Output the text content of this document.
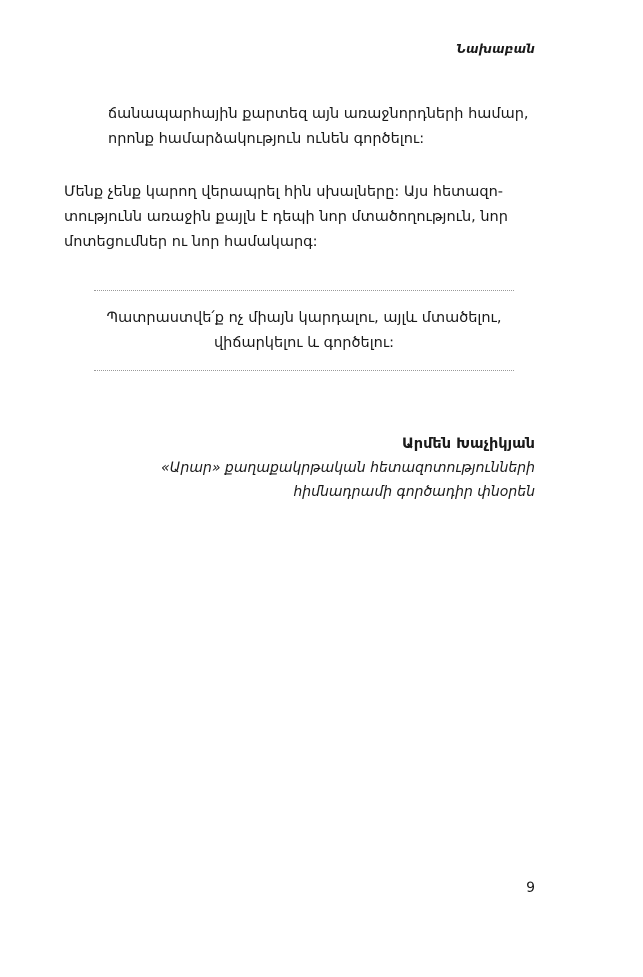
Նախաբան
ճանապարհային քարտեզ այն առաջնորդների համար,
որոնք համարձակություն ունեն գործելու:
Մենք չենք կարող վերապրել հին սխալները: Այս հետազո-
տությունն առաջին քայլն է դեպի նոր մտածողություն, նոր
մոտեցումներ ու նոր համակարգ:
Պատրաստվե՛ք ոչ միայն կարդալու, այլև մտածելու,
վիճարկելու և գործելու:
Արմեն Խաչիկյան
«Արար» քաղաքակրթական հետազոտությունների
հիմնադրամի գործադիր փնօրեն
9
